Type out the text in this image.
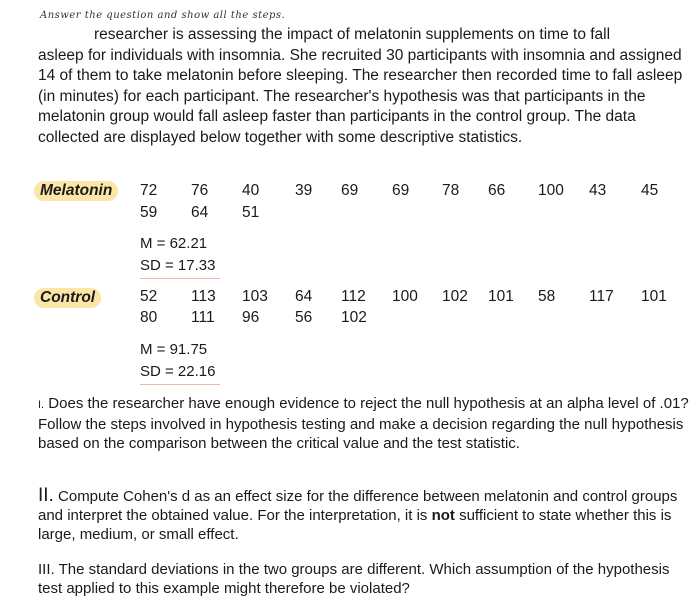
Answer the question and show all the steps.
researcher is assessing the impact of melatonin supplements on time to fall
asleep for individuals with insomnia. She recruited 30 participants with insomnia and assigned 14 of them to take melatonin before sleeping. The researcher then recorded time to fall asleep (in minutes) for each participant. The researcher's hypothesis was that participants in the melatonin group would fall asleep faster than participants in the control group. The data collected are displayed below together with some descriptive statistics.
Melatonin	72	76	40	39	69	69	78	66	100	43	45
59	64	51
M = 62.21
SD = 17.33
Control	52	113	103	64	112	100	102	101	58	117	101
80	111	96	56	102
M = 91.75
SD = 22.16
I. Does the researcher have enough evidence to reject the null hypothesis at an alpha level of .01? Follow the steps involved in hypothesis testing and make a decision regarding the null hypothesis based on the comparison between the critical value and the test statistic.
II. Compute Cohen's d as an effect size for the difference between melatonin and control groups and interpret the obtained value. For the interpretation, it is not sufficient to state whether this is large, medium, or small effect.
III. The standard deviations in the two groups are different. Which assumption of the hypothesis test applied to this example might therefore be violated?
